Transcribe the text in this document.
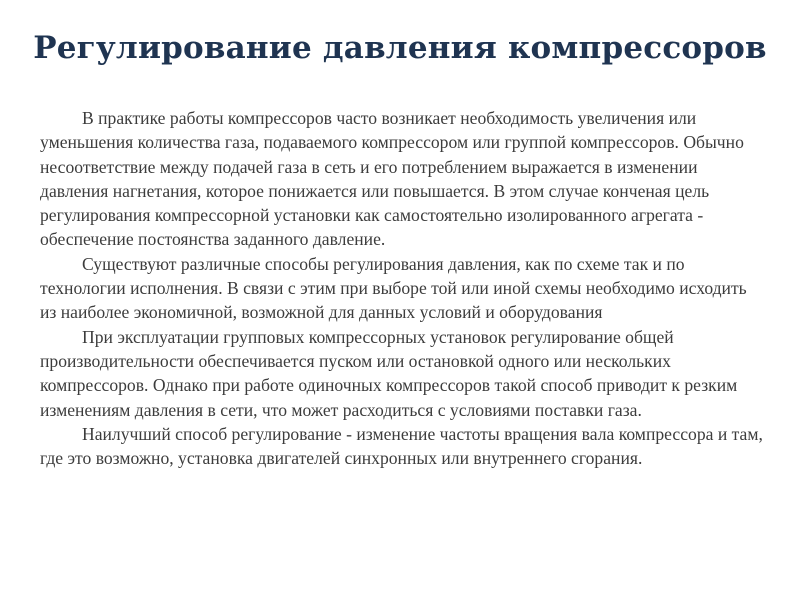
Регулирование давления компрессоров

В практике работы компрессоров часто возникает необходимость увеличения или уменьшения количества газа, подаваемого компрессором или группой компрессоров. Обычно несоответствие между подачей газа в сеть и его потреблением выражается в изменении давления нагнетания, которое понижается или повышается. В этом случае конченая цель регулирования компрессорной установки как самостоятельно изолированного агрегата - обеспечение постоянства заданного давление.

Существуют различные способы регулирования давления, как по схеме так и по технологии исполнения. В связи с этим при выборе той или иной схемы необходимо исходить из наиболее экономичной, возможной для данных условий и оборудования

При эксплуатации групповых компрессорных установок регулирование общей производительности обеспечивается пуском или остановкой одного или нескольких компрессоров. Однако при работе одиночных компрессоров такой способ приводит к резким изменениям давления в сети, что может расходиться с условиями поставки газа.

Наилучший способ регулирование - изменение частоты вращения вала компрессора и там, где это возможно, установка двигателей синхронных или внутреннего сгорания.
